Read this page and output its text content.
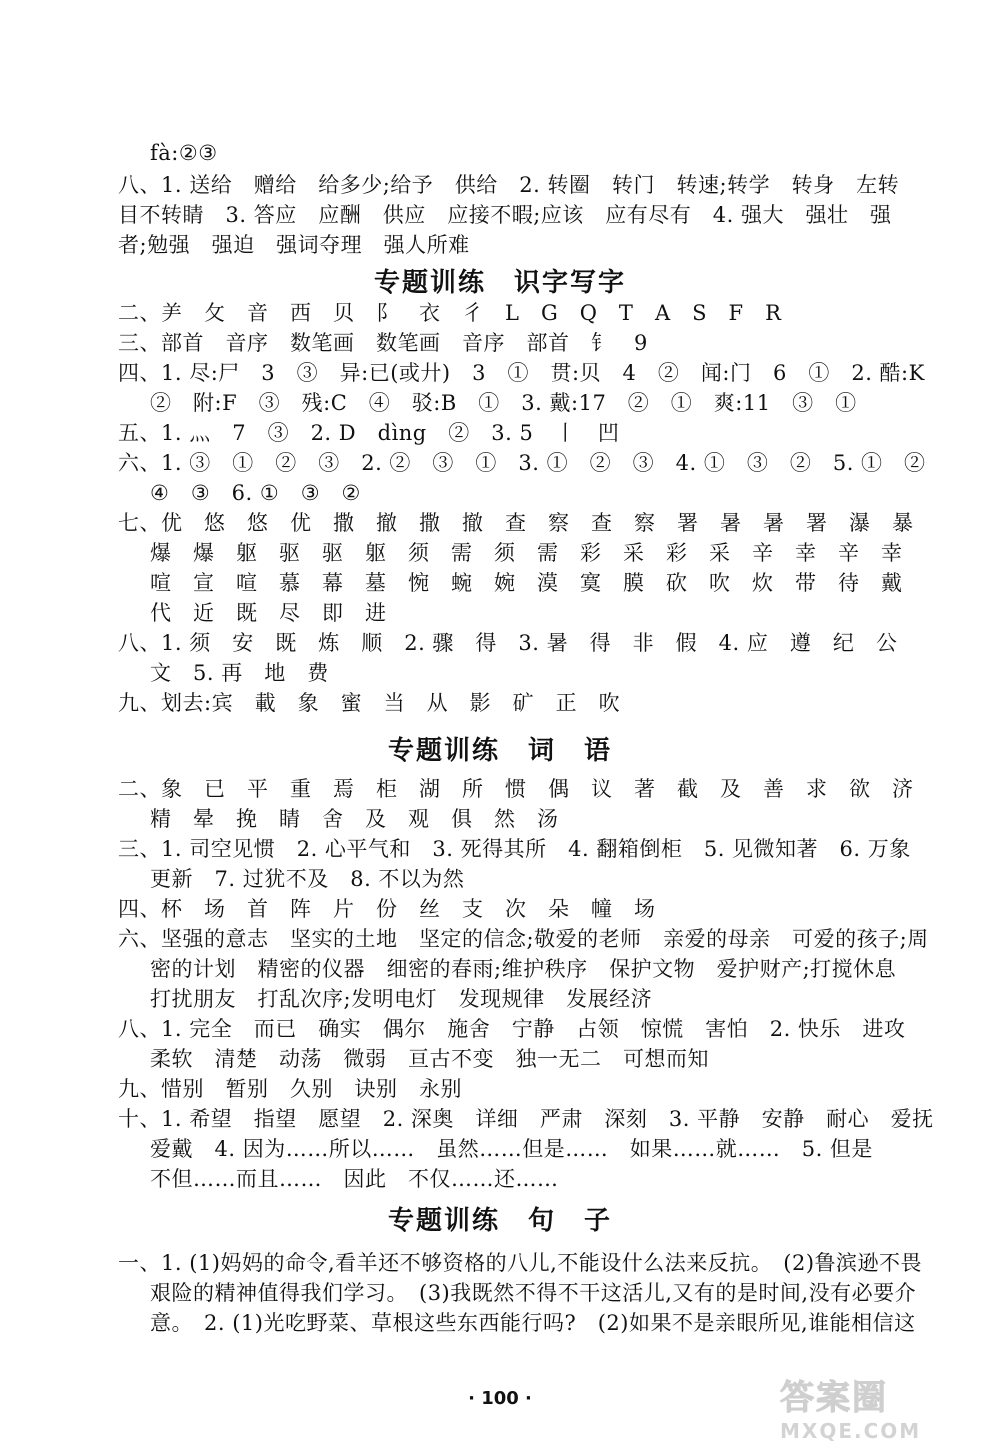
fà:②③
八、1. 送给　赠给　给多少;给予　供给　2. 转圈　转门　转速;转学　转身　左转
目不转睛　3. 答应　应酬　供应　应接不暇;应该　应有尽有　4. 强大　强壮　强
者;勉强　强迫　强词夺理　强人所难
专题训练　识字写字
二、⺶　攵　音　西　贝　阝　衣　彳　L　G　Q　T　A　S　F　R
三、部首　音序　数笔画　数笔画　音序　部首　钅　9
四、1. 尽:尸　3　③　异:已(或廾)　3　①　贯:贝　4　②　闻:门　6　①　2. 酷:K
②　附:F　③　残:C　④　驳:B　①　3. 戴:17　②　①　爽:11　③　①
五、1. 灬　7　③　2. D　dìng　②　3. 5　丨　凹
六、1. ③　①　②　③　2. ②　③　①　3. ①　②　③　4. ①　③　②　5. ①　②
④　③　6. ①　③　②
七、优　悠　悠　优　撒　撤　撒　撤　查　察　查　察　署　暑　暑　署　瀑　暴
爆　爆　躯　驱　驱　躯　须　需　须　需　彩　采　彩　采　辛　幸　辛　幸
喧　宣　喧　慕　幕　墓　惋　蜿　婉　漠　寞　膜　砍　吹　炊　带　待　戴
代　近　既　尽　即　进
八、1. 须　安　既　炼　顺　2. 骤　得　3. 暑　得　非　假　4. 应　遵　纪　公
文　5. 再　地　费
九、划去:宾　載　象　蜜　当　从　影　矿　正　吹
专题训练　词　语
二、象　已　平　重　焉　柜　湖　所　惯　偶　议　著　截　及　善　求　欲　济
精　晕　挽　睛　舍　及　观　俱　然　汤
三、1. 司空见惯　2. 心平气和　3. 死得其所　4. 翻箱倒柜　5. 见微知著　6. 万象
更新　7. 过犹不及　8. 不以为然
四、杯　场　首　阵　片　份　丝　支　次　朵　幢　场
六、坚强的意志　坚实的土地　坚定的信念;敬爱的老师　亲爱的母亲　可爱的孩子;周
密的计划　精密的仪器　细密的春雨;维护秩序　保护文物　爱护财产;打搅休息
打扰朋友　打乱次序;发明电灯　发现规律　发展经济
八、1. 完全　而已　确实　偶尔　施舍　宁静　占领　惊慌　害怕　2. 快乐　进攻
柔软　清楚　动荡　微弱　亘古不变　独一无二　可想而知
九、惜别　暂别　久别　诀别　永别
十、1. 希望　指望　愿望　2. 深奥　详细　严肃　深刻　3. 平静　安静　耐心　爱抚
爱戴　4. 因为……所以……　虽然……但是……　如果……就……　5. 但是
不但……而且……　因此　不仅……还……
专题训练　句　子
一、1. (1)妈妈的命令,看羊还不够资格的八儿,不能设什么法来反抗。　(2)鲁滨逊不畏
艰险的精神值得我们学习。　(3)我既然不得不干这活儿,又有的是时间,没有必要介
意。　2. (1)光吃野菜、草根这些东西能行吗?　(2)如果不是亲眼所见,谁能相信这
· 100 ·	答案圈
MXQE.COM
